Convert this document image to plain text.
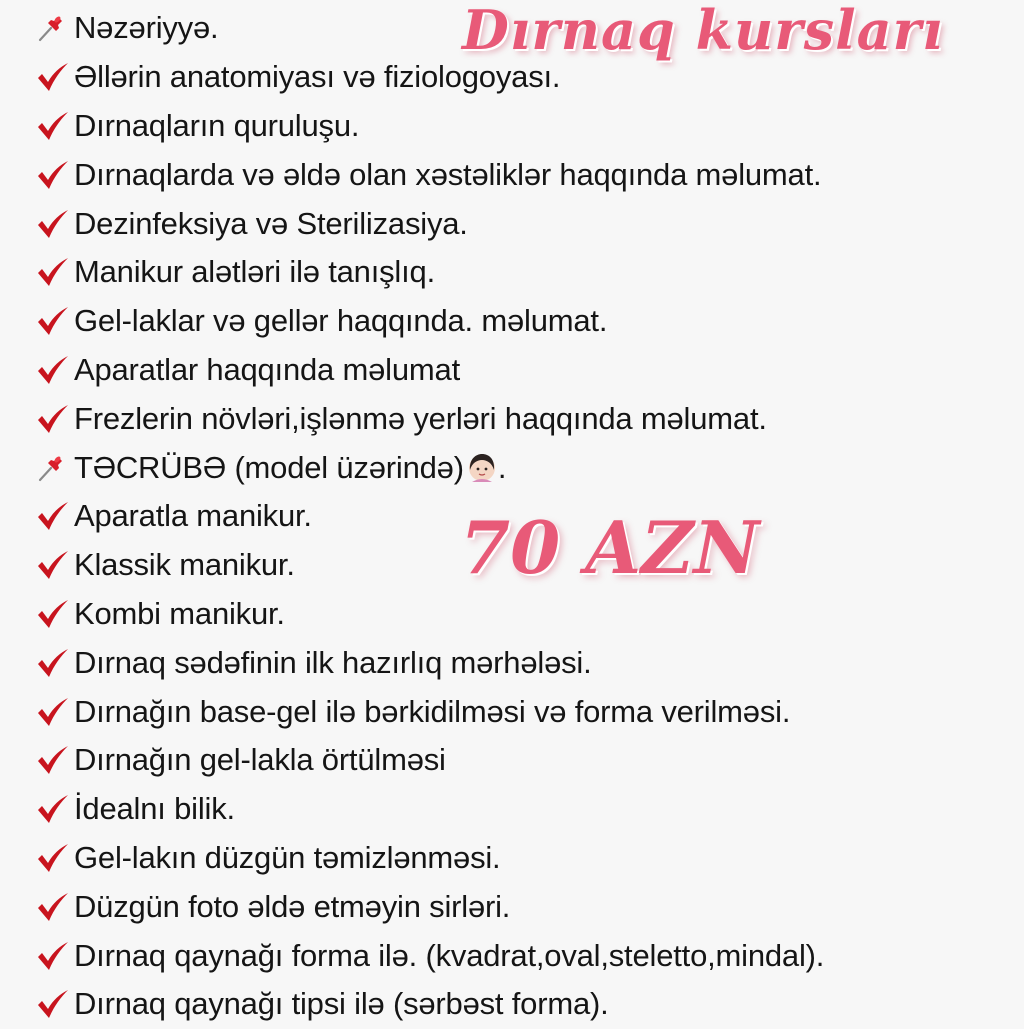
Nəzəriyyə.
Əllərin anatomiyası və fiziologoyası.
Dırnaqların quruluşu.
Dırnaqlarda və əldə olan xəstəliklər haqqında məlumat.
Dezinfeksiya və Sterilizasiya.
Manikur alətləri ilə tanışlıq.
Gel-laklar və gellər haqqında. məlumat.
Aparatlar haqqında məlumat
Frezlerin növləri,işlənmə yerləri haqqında məlumat.
TƏCRÜBƏ (model üzərində) .
Aparatla manikur.
Klassik manikur.
Kombi manikur.
Dırnaq sədəfinin ilk hazırlıq mərhələsi.
Dırnağın base-gel ilə bərkidilməsi və forma verilməsi.
Dırnağın gel-lakla örtülməsi
İdealnı bilik.
Gel-lakın düzgün təmizlənməsi.
Düzgün foto əldə etməyin sirləri.
Dırnaq qaynağı forma ilə. (kvadrat,oval,steletto,mindal).
Dırnaq qaynağı tipsi ilə (sərbəst forma).
Dırnaq kursları
70 AZN
